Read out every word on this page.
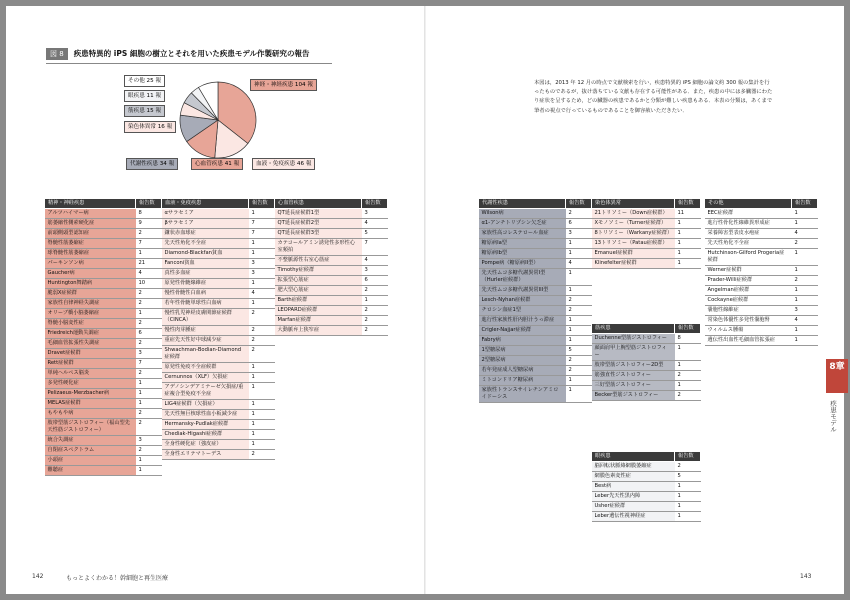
図 8	疾患特異的 iPS 細胞の樹立とそれを用いた疾患モデル作製研究の報告
本図は，2013 年 12 月の時点で文献検索を行い，疾患特異的 iPS 細胞の論文約 300 報の集計を行ったものであるが，抜け落ちている文献も存在する可能性がある．また，疾患の中には多臓器にわたり症状を呈するため，どの臓器の疾患であるかと分類が難しい疾患もある．本表の分類は，あくまで筆者の視点で行っているものであることを御容赦いただきたい．
その他 25 報
眼疾患 11 報
筋疾患 15 報
染色体異常 16 報
代謝性疾患 34 報	心血管疾患 41 報	血液・免疫疾患 46 報
神経・神経疾患 104 報
精神・神経疾患	報告数
アルツハイマー病	8
筋萎縮性側索硬化症	9
前頭側頭型認知症	2
脊髄性筋萎縮症	7
球脊髄性筋萎縮症	1
パーキンソン病	21
Gaucher病	4
Huntington舞踏病	10
脆弱X症候群	2
家族性自律神経失調症	2
オリーブ橋小脳萎縮症	1
脊髄小脳変性症	2
Friedreich運動失調症	6
毛細血管拡張性失調症	2
Dravet症候群	3
Rett症候群	7
単純ヘルペス脳炎	2
多発性硬化症	1
Pelizaeus-Merzbacher病	1
MELAS症候群	1
もやもや病	2
肢帯型筋ジストロフィー（福山型先天性筋ジストロフィー）	2
統合失調症	3
自閉症スペクトラム	2
小頭症	1
難聴症	1
血液・免疫疾患	報告数
αサラセミア	1
βサラセミア	7
鎌状赤血球症	7
先天性角化不全症	1
Diamond-Blackfan貧血	1
Fanconi貧血	3
真性多血症	3
原発性骨髄線維症	1
慢性骨髄性白血病	4
若年性骨髄単球性白血病	1
慢性乳児神経皮膚関節症候群（CINCA）	2
慢性肉芽腫症	2
重症先天性好中球減少症	2
Shwachman-Bodian-Diamond症候群	2
原発性免疫不全症候群	1
Cernunnos（XLF）欠損症	1
アデノシンデアミナーゼ欠損症/重症複合型免疫不全症	1
LIG4症候群（欠損症）	1
先天性無巨核球性血小板減少症	1
Hermansky-Pudlak症候群	1
Chediak-Higashi症候群	1
全身性硬化症（強皮症）	1
全身性エリテマトーデス	2
心血管疾患	報告数
QT延長症候群1型	3
QT延長症候群2型	4
QT延長症候群3型	5
カテコールアミン誘発性多形性心室頻拍	7
不整脈源性右室心筋症	4
Timothy症候群	3
拡張型心筋症	6
肥大型心筋症	2
Barth症候群	1
LEOPARD症候群	2
Marfan症候群	2
大動脈弁上狭窄症	2
代謝性疾患	報告数
Wilson病	2
α1-アンチトリプシン欠乏症	6
家族性高コレステロール血症	3
糖原病Ia型	1
糖原病Ib型	1
Pompe病（糖原病II型）	4
先天性ムコ多糖代謝異常Ⅰ型（Hurler症候群）	1
先天性ムコ多糖代謝異常III型	1
Lesch-Nyhan症候群	2
チロシン血症1型	2
進行性家族性肝内胆汁うっ滞症	1
Crigler-Najjar症候群	1
Fabry病	1
1型糖尿病	5
2型糖尿病	2
若年発症成人型糖尿病	2
ミトコンドリア糖尿病	1
家族性トランスサイレチンアミロイドーシス	1
染色体異常	報告数
21トリソミー（Down症候群）	11
Xモノソミー（Turner症候群）	1
8トリソミー（Warkany症候群）	1
13トリソミー（Patau症候群）	1
Emanuel症候群	1
Klinefelter症候群	1
筋疾患	報告数
Duchenne型筋ジストロフィー	8
顔面肩甲上腕型筋ジストロフィー	1
肢帯型筋ジストロフィー2D型	1
筋強直性ジストロフィー	2
三好型筋ジストロフィー	1
Becker型筋ジストロフィー	2
眼疾患	報告数
脳回転状脈絡網膜萎縮症	2
網膜色素変性症	5
Best病	1
Leber先天性黒内障	1
Usher症候群	1
Leber遺伝性視神経症	1
その他	報告数
EEC症候群	1
進行性骨化性線維異形成症	1
栄養障害型表皮水疱症	4
先天性角化不全症	2
Hutchinson-Gilford Progeria症候群	1
Werner症候群	1
Prader-Willi症候群	2
Angelman症候群	1
Cockayne症候群	1
嚢胞性線維症	3
常染色体優性多発性嚢胞腎	4
ウィルムス腫瘍	1
遺伝性出血性毛細血管拡張症	1
142	もっとよくわかる！幹細胞と再生医療	143
8章
疾患モデル
